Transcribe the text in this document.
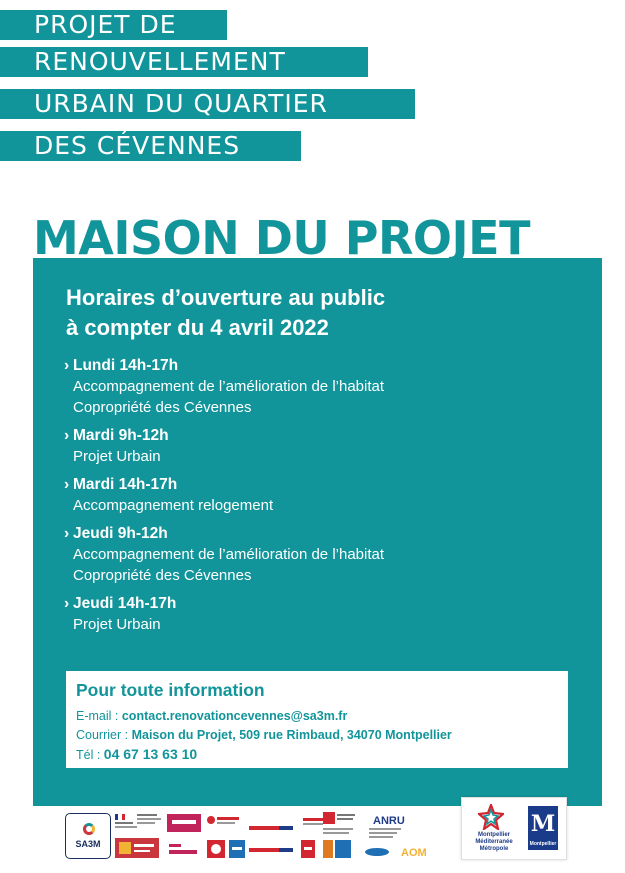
PROJET DE
RENOUVELLEMENT
URBAIN DU QUARTIER
DES CÉVENNES
Horaires d’ouverture au public
à compter du 4 avril 2022
› Lundi 14h-17h
Accompagnement de l’amélioration de l’habitat
Copropriété des Cévennes
› Mardi 9h-12h
Projet Urbain
› Mardi 14h-17h
Accompagnement relogement
› Jeudi 9h-12h
Accompagnement de l’amélioration de l’habitat
Copropriété des Cévennes
› Jeudi 14h-17h
Projet Urbain
Pour toute information
E-mail : contact.renovationcevennes@sa3m.fr
Courrier : Maison du Projet, 509 rue Rimbaud, 34070 Montpellier
Tél : 04 67 13 63 10
MAISON DU PROJET
SA3M
ANRU
AOM
Montpellier Méditerranée Métropole
M
Montpellier
